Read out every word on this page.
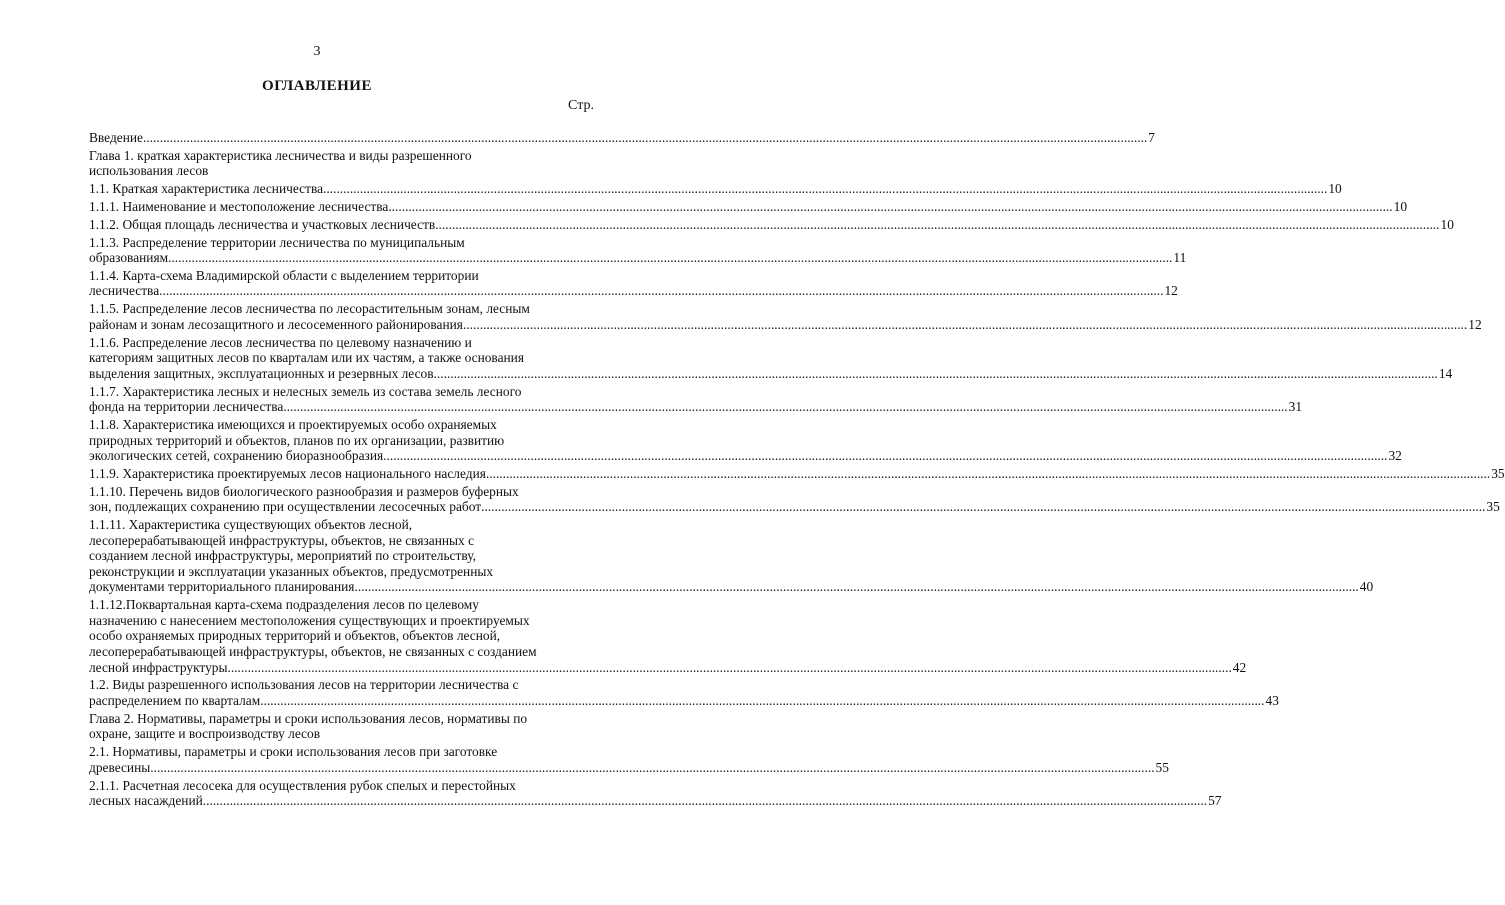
3
ОГЛАВЛЕНИЕ
Стр.
Введение ............................................................................................................................................................................................................................................................................................................ 7
Глава 1. краткая характеристика лесничества и виды разрешенного
использования лесов
1.1. Краткая характеристика лесничества ............................................................................................................................................................................................................................................................................................................ 10
1.1.1. Наименование и местоположение лесничества ............................................................................................................................................................................................................................................................................................................ 10
1.1.2. Общая площадь лесничества и участковых лесничеств ............................................................................................................................................................................................................................................................................................................ 10
1.1.3. Распределение территории лесничества по муниципальным
образованиям ............................................................................................................................................................................................................................................................................................................ 11
1.1.4. Карта-схема Владимирской области с выделением территории
лесничества ............................................................................................................................................................................................................................................................................................................ 12
1.1.5. Распределение лесов лесничества по лесорастительным зонам, лесным
районам и зонам лесозащитного и лесосеменного районирования ............................................................................................................................................................................................................................................................................................................ 12
1.1.6. Распределение лесов лесничества по целевому назначению и
категориям защитных лесов по кварталам или их частям, а также основания
выделения защитных, эксплуатационных и резервных лесов ............................................................................................................................................................................................................................................................................................................ 14
1.1.7. Характеристика лесных и нелесных земель из состава земель лесного
фонда на территории лесничества ............................................................................................................................................................................................................................................................................................................ 31
1.1.8. Характеристика имеющихся и проектируемых особо охраняемых
природных территорий и объектов, планов по их организации, развитию
экологических сетей, сохранению биоразнообразия ............................................................................................................................................................................................................................................................................................................ 32
1.1.9. Характеристика проектируемых лесов национального наследия ............................................................................................................................................................................................................................................................................................................ 35
1.1.10. Перечень видов биологического разнообразия и размеров буферных
зон, подлежащих сохранению при осуществлении лесосечных работ ............................................................................................................................................................................................................................................................................................................ 35
1.1.11. Характеристика существующих объектов лесной,
лесоперерабатывающей инфраструктуры, объектов, не связанных с
созданием лесной инфраструктуры, мероприятий по строительству,
реконструкции и эксплуатации указанных объектов, предусмотренных
документами территориального планирования ............................................................................................................................................................................................................................................................................................................ 40
1.1.12.Поквартальная карта-схема подразделения лесов по целевому
назначению с нанесением местоположения существующих и проектируемых
особо охраняемых природных территорий и объектов, объектов лесной,
лесоперерабатывающей инфраструктуры, объектов, не связанных с созданием
лесной инфраструктуры ............................................................................................................................................................................................................................................................................................................ 42
1.2. Виды разрешенного использования лесов на территории лесничества с
распределением по кварталам ............................................................................................................................................................................................................................................................................................................ 43
Глава 2. Нормативы, параметры и сроки использования лесов, нормативы по
охране, защите и воспроизводству лесов
2.1. Нормативы, параметры и сроки использования лесов при заготовке
древесины ............................................................................................................................................................................................................................................................................................................ 55
2.1.1. Расчетная лесосека для осуществления рубок спелых и перестойных
лесных насаждений ............................................................................................................................................................................................................................................................................................................ 57
